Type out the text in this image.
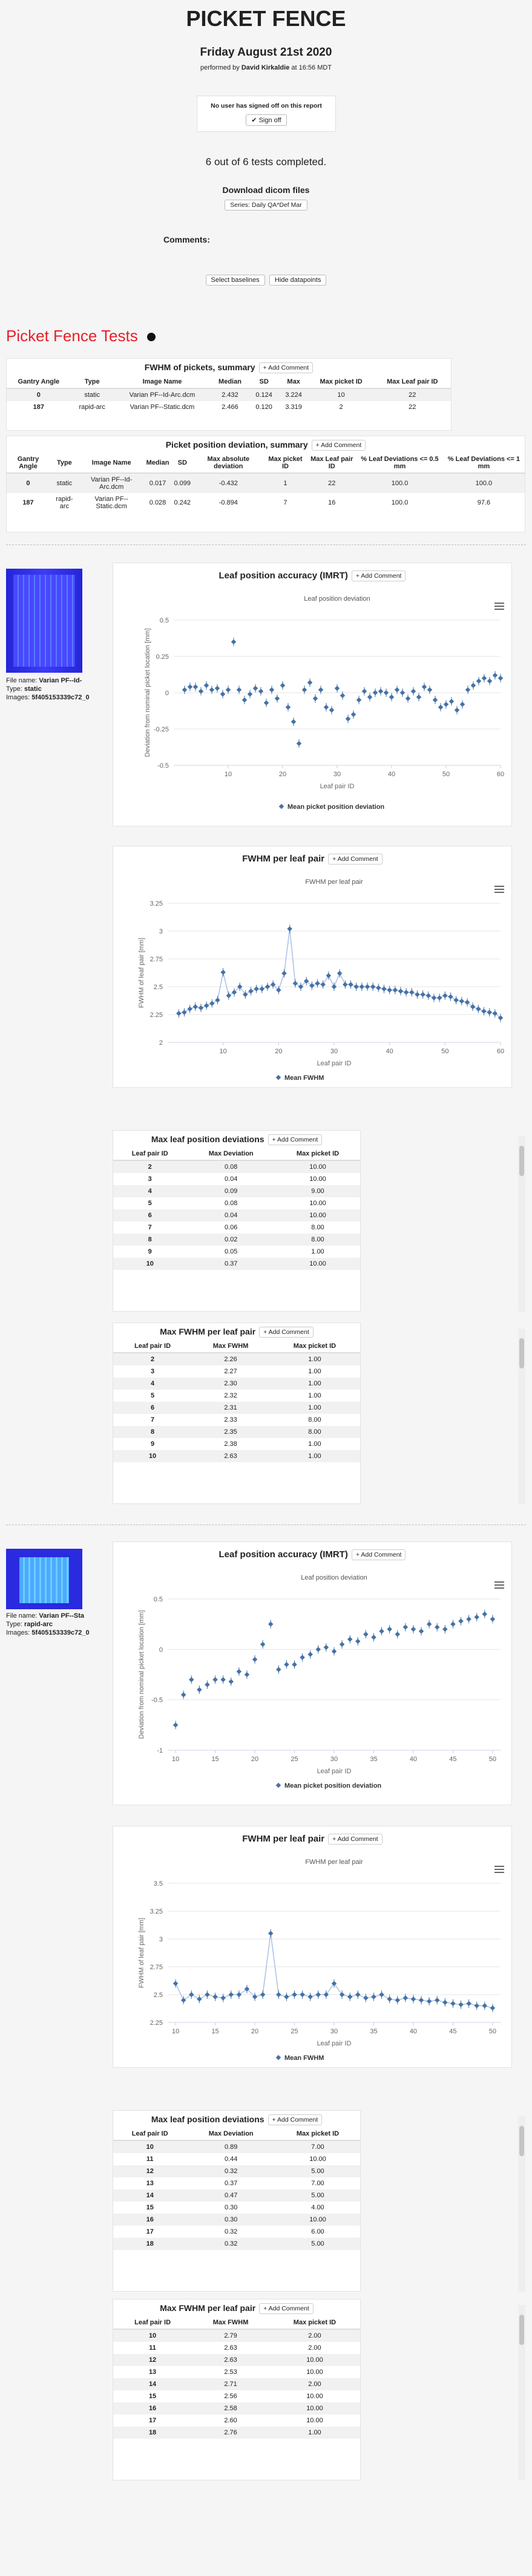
PICKET FENCE
Friday August 21st 2020
performed by David Kirkaldie at 16:56 MDT
No user has signed off on this report
✔ Sign off
6 out of 6 tests completed.
Download dicom files
Series: Daily QA*Def Mar
Comments:
Select baselines Hide datapoints
Picket Fence Tests
FWHM of pickets, summary + Add Comment
Gantry Angle	Type	Image Name	Median	SD	Max	Max picket ID	Max Leaf pair ID
0	static	Varian PF--Id-Arc.dcm	2.432	0.124	3.224	10	22
187	rapid-arc	Varian PF--Static.dcm	2.466	0.120	3.319	2	22
Picket position deviation, summary + Add Comment
Gantry Angle	Type	Image Name	Median	SD	Max absolute deviation	Max picket ID	Max Leaf pair ID	% Leaf Deviations <= 0.5 mm	% Leaf Deviations <= 1 mm
0	static	Varian PF--Id-Arc.dcm	0.017	0.099	-0.432	1	22	100.0	100.0
187	rapid-arc	Varian PF--Static.dcm	0.028	0.242	-0.894	7	16	100.0	97.6
File name: Varian PF--Id-
Type: static
Images: 5f405153339c72_0
Leaf position accuracy (IMRT) + Add Comment
Leaf position deviation
-0.5
-0.25
0
0.25
0.5
10	20	30	40	50	60
Leaf pair ID
Deviation from nominal picket location [mm]
Mean picket position deviation
FWHM per leaf pair + Add Comment
FWHM per leaf pair
2
2.25
2.5
2.75
3
3.25
10	20	30	40	50	60
Leaf pair ID
FWHM of leaf pair [mm]
Mean FWHM
Max leaf position deviations + Add Comment
Leaf pair ID	Max Deviation	Max picket ID
2	0.08	10.00
3	0.04	10.00
4	0.09	9.00
5	0.08	10.00
6	0.04	10.00
7	0.06	8.00
8	0.02	8.00
9	0.05	1.00
10	0.37	10.00
Max FWHM per leaf pair + Add Comment
Leaf pair ID	Max FWHM	Max picket ID
2	2.26	1.00
3	2.27	1.00
4	2.30	1.00
5	2.32	1.00
6	2.31	1.00
7	2.33	8.00
8	2.35	8.00
9	2.38	1.00
10	2.63	1.00
File name: Varian PF--Sta
Type: rapid-arc
Images: 5f405153339c72_0
Leaf position accuracy (IMRT) + Add Comment
Leaf position deviation
-1
-0.5
0
0.5
10	15	20	25	30	35	40	45	50
Leaf pair ID
Deviation from nominal picket location [mm]
Mean picket position deviation
FWHM per leaf pair + Add Comment
FWHM per leaf pair
2.25
2.5
2.75
3
3.25
3.5
10	15	20	25	30	35	40	45	50
Leaf pair ID
FWHM of leaf pair [mm]
Mean FWHM
Max leaf position deviations + Add Comment
Leaf pair ID	Max Deviation	Max picket ID
10	0.89	7.00
11	0.44	10.00
12	0.32	5.00
13	0.37	7.00
14	0.47	5.00
15	0.30	4.00
16	0.30	10.00
17	0.32	6.00
18	0.32	5.00
Max FWHM per leaf pair + Add Comment
Leaf pair ID	Max FWHM	Max picket ID
10	2.79	2.00
11	2.63	2.00
12	2.63	10.00
13	2.53	10.00
14	2.71	2.00
15	2.56	10.00
16	2.58	10.00
17	2.60	10.00
18	2.76	1.00
